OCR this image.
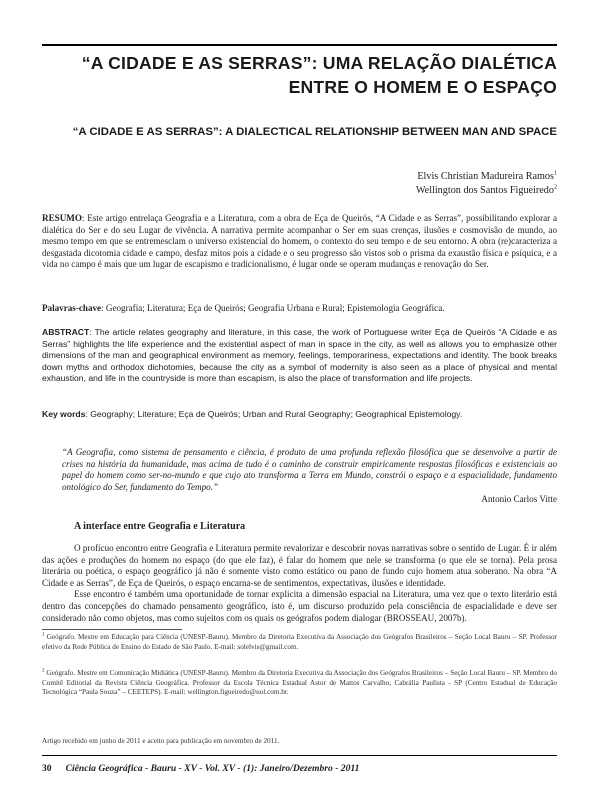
“A CIDADE E AS SERRAS”: UMA RELAÇÃO DIALÉTICA ENTRE O HOMEM E O ESPAÇO
“A CIDADE E AS SERRAS”: A DIALECTICAL RELATIONSHIP BETWEEN MAN AND SPACE
Elvis Christian Madureira Ramos$^1$
Wellington dos Santos Figueiredo$^2$
RESUMO: Este artigo entrelaça Geografia e a Literatura, com a obra de Eça de Queirós, “A Cidade e as Serras”, possibilitando explorar a dialética do Ser e do seu Lugar de vivência. A narrativa permite acompanhar o Ser em suas crenças, ilusões e cosmovisão de mundo, ao mesmo tempo em que se entremesclam o universo existencial do homem, o contexto do seu tempo e de seu entorno. A obra (re)caracteriza a desgastada dicotomia cidade e campo, desfaz mitos pois a cidade e o seu progresso são vistos sob o prisma da exaustão física e psíquica, e a vida no campo é mais que um lugar de escapismo e tradicionalismo, é lugar onde se operam mudanças e renovação do Ser.
Palavras-chave: Geografia; Literatura; Eça de Queirós; Geografia Urbana e Rural; Epistemologia Geográfica.
ABSTRACT: The article relates geography and literature, in this case, the work of Portuguese writer Eça de Queirós “A Cidade e as Serras” highlights the life experience and the existential aspect of man in space in the city, as well as allows you to emphasize other dimensions of the man and geographical environment as memory, feelings, temporariness, expectations and identity. The book breaks down myths and orthodox dichotomies, because the city as a symbol of modernity is also seen as a place of physical and mental exhaustion, and life in the countryside is more than escapism, is also the place of transformation and life projects.
Key words: Geography; Literature; Eça de Queirós; Urban and Rural Geography; Geographical Epistemology.
“A Geografia, como sistema de pensamento e ciência, é produto de uma profunda reflexão filosófica que se desenvolve a partir de crises na história da humanidade, mas acima de tudo é o caminho de construir empiricamente respostas filosóficas e existenciais ao papel do homem como ser-no-mundo e que cujo ato transforma a Terra em Mundo, constrói o espaço e a espacialidade, fundamento ontológico do Ser, fundamento do Tempo.”
Antonio Carlos Vitte
A interface entre Geografia e Literatura

O profícuo encontro entre Geografia e Literatura permite revalorizar e descobrir novas narrativas sobre o sentido de Lugar. É ir além das ações e produções do homem no espaço (do que ele faz), é falar do homem que nele se transforma (o que ele se torna). Pela prosa literária ou poética, o espaço geográfico já não é somente visto como estático ou pano de fundo cujo homem atua soberano. Na obra “A Cidade e as Serras”, de Eça de Queirós, o espaço encarna-se de sentimentos, expectativas, ilusões e identidade.

Esse encontro é também uma oportunidade de tornar explícita a dimensão espacial na Literatura, uma vez que o texto literário está dentro das concepções do chamado pensamento geográfico, isto é, um discurso produzido pela consciência de espacialidade e deve ser considerado não como objetos, mas como sujeitos com os quais os geógrafos podem dialogar (BROSSEAU, 2007b).

$^1$ Geógrafo. Mestre em Educação para Ciência (UNESP-Bauru). Membro da Diretoria Executiva da Associação dos Geógrafos Brasileiros – Seção Local Bauru – SP. Professor efetivo da Rede Pública de Ensino do Estado de São Paulo. E-mail: solelvis@gmail.com.
$^2$ Geógrafo. Mestre em Comunicação Midiática (UNESP-Bauru). Membro da Diretoria Executiva da Associação dos Geógrafos Brasileiros – Seção Local Bauru – SP. Membro do Comitê Editorial da Revista Ciência Geográfica. Professor da Escola Técnica Estadual Astor de Mattos Carvalho, Cabrália Paulista - SP (Centro Estadual de Educação Tecnológica “Paula Souza” – CEETEPS). E-mail: wellington.figueiredo@uol.com.br.
Artigo recebido em junho de 2011 e aceito para publicação em novembro de 2011.
30 Ciência Geográfica - Bauru - XV - Vol. XV - (1): Janeiro/Dezembro - 2011
